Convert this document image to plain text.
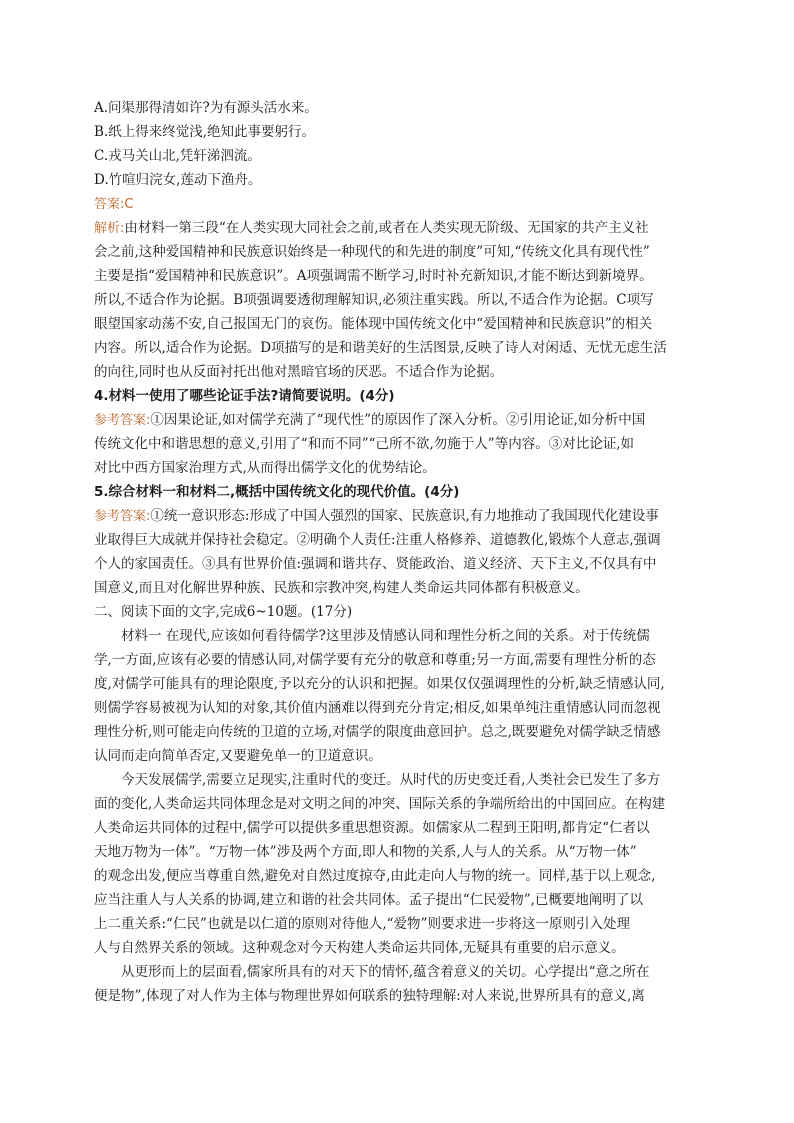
A.问渠那得清如许?为有源头活水来。
B.纸上得来终觉浅,绝知此事要躬行。
C.戎马关山北,凭轩涕泗流。
D.竹喧归浣女,莲动下渔舟。
答案:C
解析:由材料一第三段“在人类实现大同社会之前,或者在人类实现无阶级、无国家的共产主义社
会之前,这种爱国精神和民族意识始终是一种现代的和先进的制度”可知,“传统文化具有现代性”
主要是指“爱国精神和民族意识”。A项强调需不断学习,时时补充新知识,才能不断达到新境界。
所以,不适合作为论据。B项强调要透彻理解知识,必须注重实践。所以,不适合作为论据。C项写
眼望国家动荡不安,自己报国无门的哀伤。能体现中国传统文化中“爱国精神和民族意识”的相关
内容。所以,适合作为论据。D项描写的是和谐美好的生活图景,反映了诗人对闲适、无忧无虑生活
的向往,同时也从反面衬托出他对黑暗官场的厌恶。不适合作为论据。
4.材料一使用了哪些论证手法?请简要说明。(4分)
参考答案:①因果论证,如对儒学充满了“现代性”的原因作了深入分析。②引用论证,如分析中国
传统文化中和谐思想的意义,引用了“和而不同”“己所不欲,勿施于人”等内容。③对比论证,如
对比中西方国家治理方式,从而得出儒学文化的优势结论。
5.综合材料一和材料二,概括中国传统文化的现代价值。(4分)
参考答案:①统一意识形态:形成了中国人强烈的国家、民族意识,有力地推动了我国现代化建设事
业取得巨大成就并保持社会稳定。②明确个人责任:注重人格修养、道德教化,锻炼个人意志,强调
个人的家国责任。③具有世界价值:强调和谐共存、贤能政治、道义经济、天下主义,不仅具有中
国意义,而且对化解世界种族、民族和宗教冲突,构建人类命运共同体都有积极意义。
二、阅读下面的文字,完成6~10题。(17分)
材料一 在现代,应该如何看待儒学?这里涉及情感认同和理性分析之间的关系。对于传统儒
学,一方面,应该有必要的情感认同,对儒学要有充分的敬意和尊重;另一方面,需要有理性分析的态
度,对儒学可能具有的理论限度,予以充分的认识和把握。如果仅仅强调理性的分析,缺乏情感认同,
则儒学容易被视为认知的对象,其价值内涵难以得到充分肯定;相反,如果单纯注重情感认同而忽视
理性分析,则可能走向传统的卫道的立场,对儒学的限度曲意回护。总之,既要避免对儒学缺乏情感
认同而走向简单否定,又要避免单一的卫道意识。
今天发展儒学,需要立足现实,注重时代的变迁。从时代的历史变迁看,人类社会已发生了多方
面的变化,人类命运共同体理念是对文明之间的冲突、国际关系的争端所给出的中国回应。在构建
人类命运共同体的过程中,儒学可以提供多重思想资源。如儒家从二程到王阳明,都肯定“仁者以
天地万物为一体”。“万物一体”涉及两个方面,即人和物的关系,人与人的关系。从“万物一体”
的观念出发,便应当尊重自然,避免对自然过度掠夺,由此走向人与物的统一。同样,基于以上观念,
应当注重人与人关系的协调,建立和谐的社会共同体。孟子提出“仁民爱物”,已概要地阐明了以
上二重关系:“仁民”也就是以仁道的原则对待他人,“爱物”则要求进一步将这一原则引入处理
人与自然界关系的领域。这种观念对今天构建人类命运共同体,无疑具有重要的启示意义。
从更形而上的层面看,儒家所具有的对天下的情怀,蕴含着意义的关切。心学提出“意之所在
便是物”,体现了对人作为主体与物理世界如何联系的独特理解:对人来说,世界所具有的意义,离
